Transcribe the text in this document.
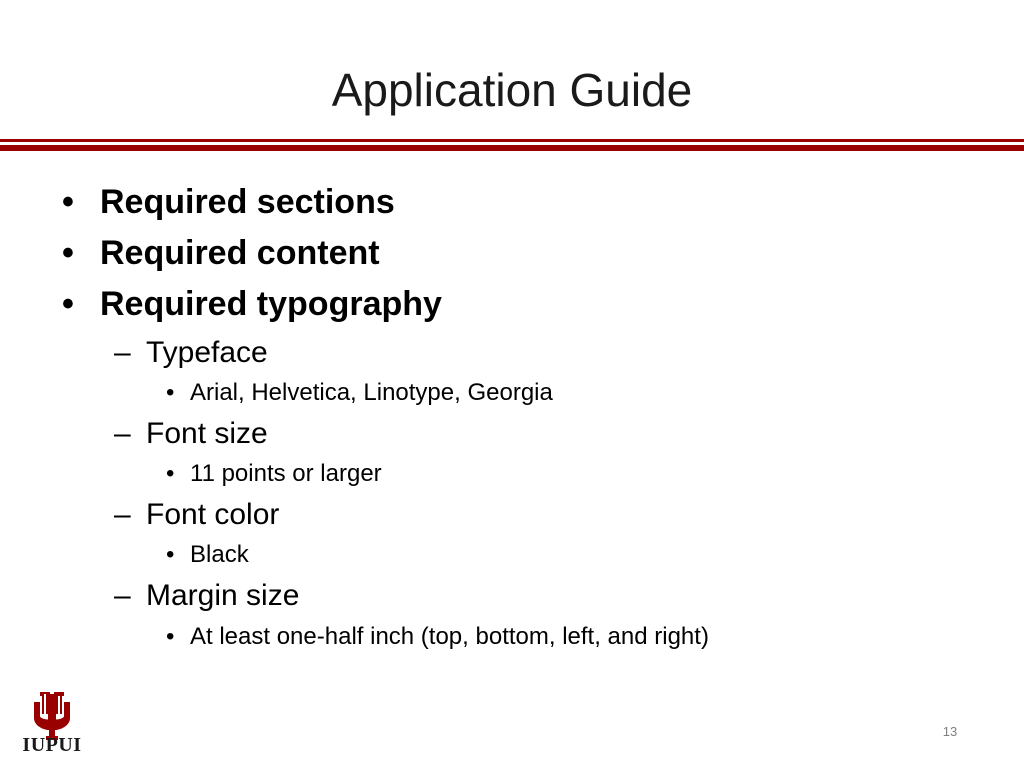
Application Guide
• Required sections
• Required content
• Required typography
– Typeface
• Arial, Helvetica, Linotype, Georgia
– Font size
• 11 points or larger
– Font color
• Black
– Margin size
• At least one-half inch (top, bottom, left, and right)
IUPUI
13
